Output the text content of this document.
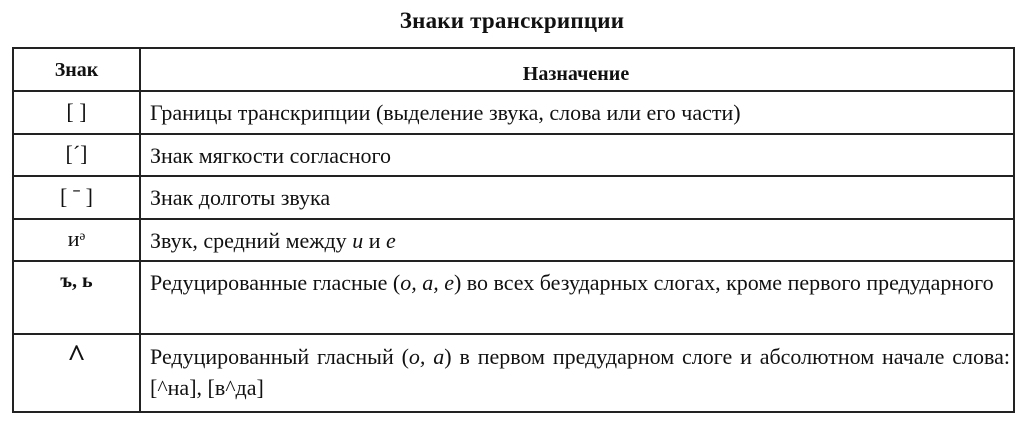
Знаки транскрипции
Знак	Назначение
[ ]	Границы транскрипции (выделение звука, слова или его части)
[´]	Знак мягкости согласного
[ ˉ ]	Знак долготы звука
иᵊ	Звук, средний между и и е
ъ, ь	Редуцированные гласные (о, а, е) во всех безударных слогах, кроме первого предударного
^	Редуцированный гласный (о, а) в первом предударном слоге и абсолютном начале слова: [^на], [в^да]
